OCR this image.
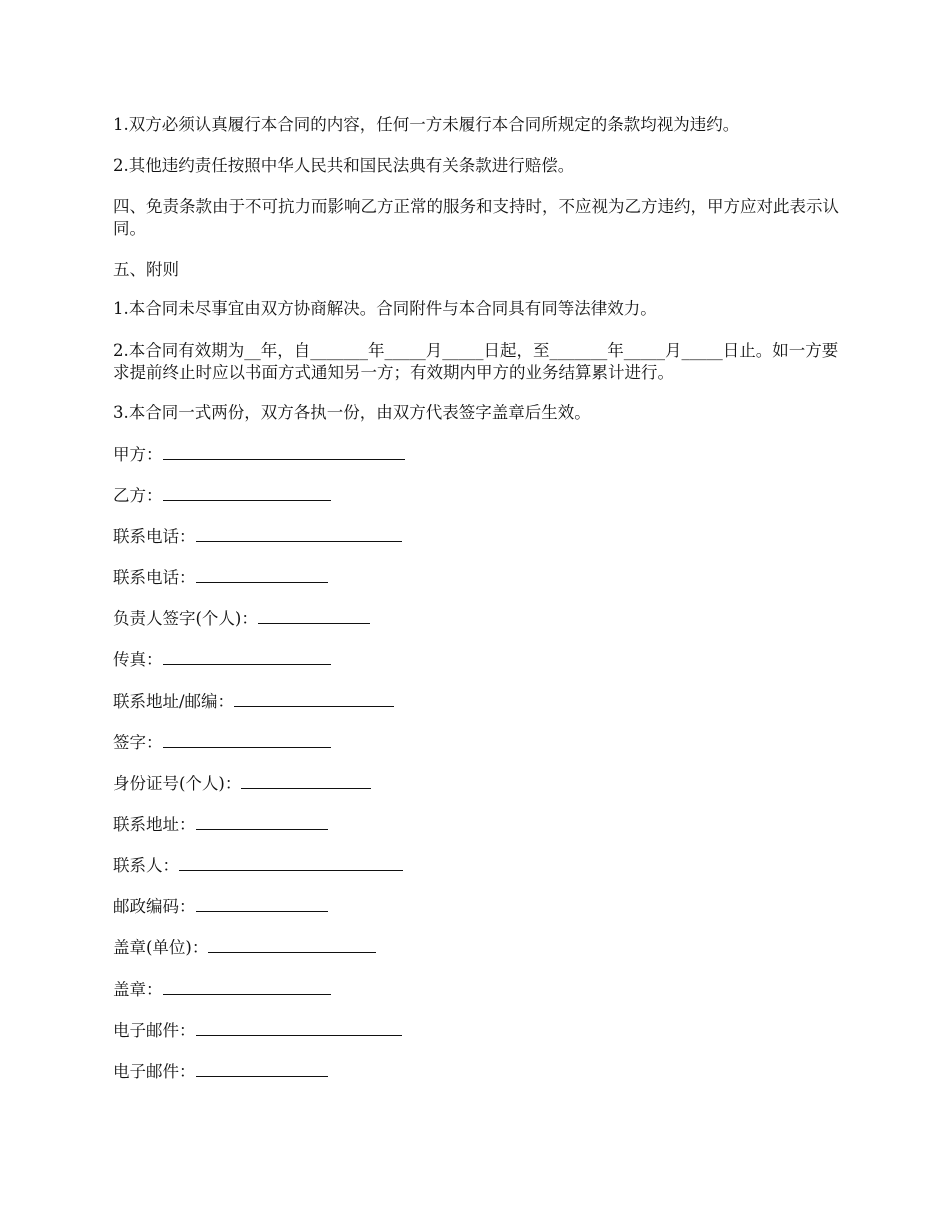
1.双方必须认真履行本合同的内容，任何一方未履行本合同所规定的条款均视为违约。

2.其他违约责任按照中华人民共和国民法典有关条款进行赔偿。

四、免责条款由于不可抗力而影响乙方正常的服务和支持时，不应视为乙方违约，甲方应对此表示认同。

五、附则

1.本合同未尽事宜由双方协商解决。合同附件与本合同具有同等法律效力。

2.本合同有效期为__年，自_______年_____月_____日起，至_______年_____月_____日止。如一方要求提前终止时应以书面方式通知另一方；有效期内甲方的业务结算累计进行。

3.本合同一式两份，双方各执一份，由双方代表签字盖章后生效。

甲方：
乙方：
联系电话：
联系电话：
负责人签字(个人)：
传真：
联系地址/邮编：
签字：
身份证号(个人)：
联系地址：
联系人：
邮政编码：
盖章(单位)：
盖章：
电子邮件：
电子邮件：
